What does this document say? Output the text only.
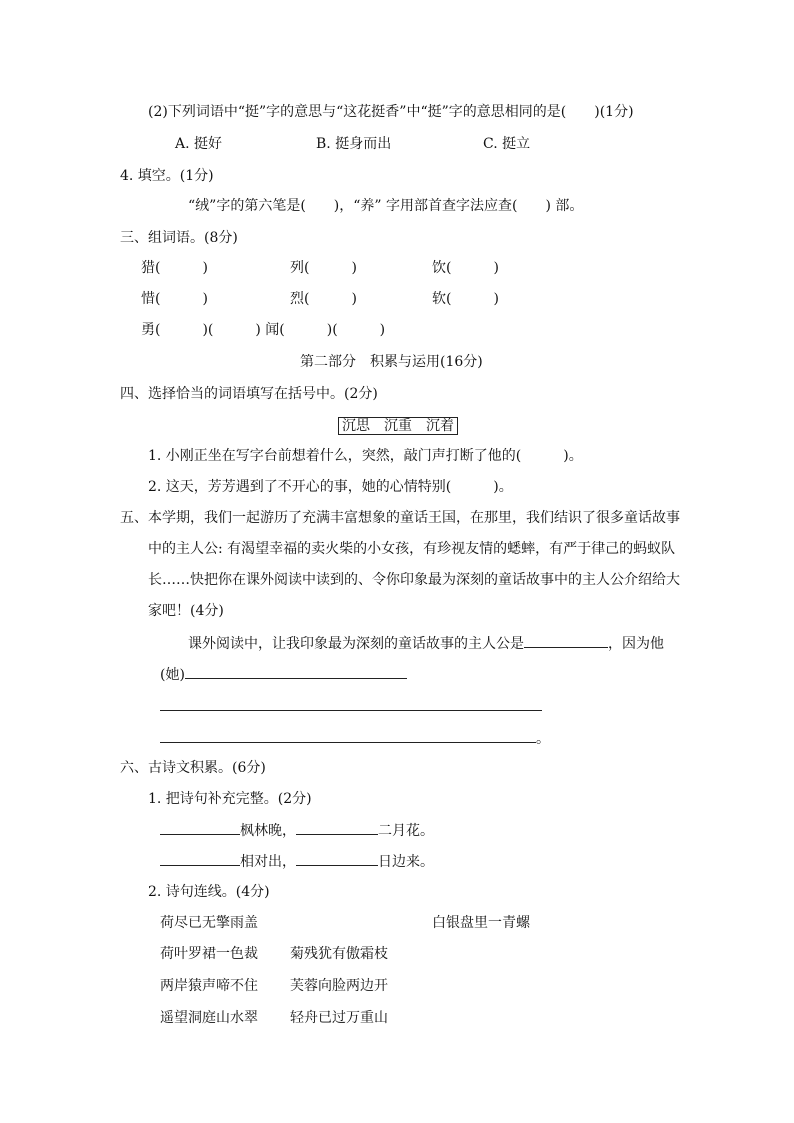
(2)下列词语中“挺”字的意思与“这花挺香”中“挺”字的意思相同的是(　　)(1分)
A. 挺好	B. 挺身而出	C. 挺立
4. 填空。(1分)
“绒”字的第六笔是(　　)，“养” 字用部首查字法应查(　　) 部。
三、组词语。(8分)
猎(　　　)	列(　　　)	饮(　　　)
惜(　　　)	烈(　　　)	软(　　　)
勇(　　　)(　　　) 闻(　　　)(　　　)
第二部分　积累与运用(16分)
四、选择恰当的词语填写在括号中。(2分)
沉思　沉重　沉着
1. 小刚正坐在写字台前想着什么，突然，敲门声打断了他的(　　　)。
2. 这天，芳芳遇到了不开心的事，她的心情特别(　　　)。
五、本学期，我们一起游历了充满丰富想象的童话王国，在那里，我们结识了很多童话故事
中的主人公: 有渴望幸福的卖火柴的小女孩，有珍视友情的蟋蟀，有严于律己的蚂蚁队
长……快把你在课外阅读中读到的、令你印象最为深刻的童话故事中的主人公介绍给大
家吧！(4分)
课外阅读中，让我印象最为深刻的童话故事的主人公是	，因为他
(她)
。
六、古诗文积累。(6分)
1. 把诗句补充完整。(2分)
枫林晚，	二月花。
相对出，	日边来。
2. 诗句连线。(4分)
荷尽已无擎雨盖	白银盘里一青螺
荷叶罗裙一色裁 菊残犹有傲霜枝
两岸猿声啼不住 芙蓉向脸两边开
遥望洞庭山水翠 轻舟已过万重山
